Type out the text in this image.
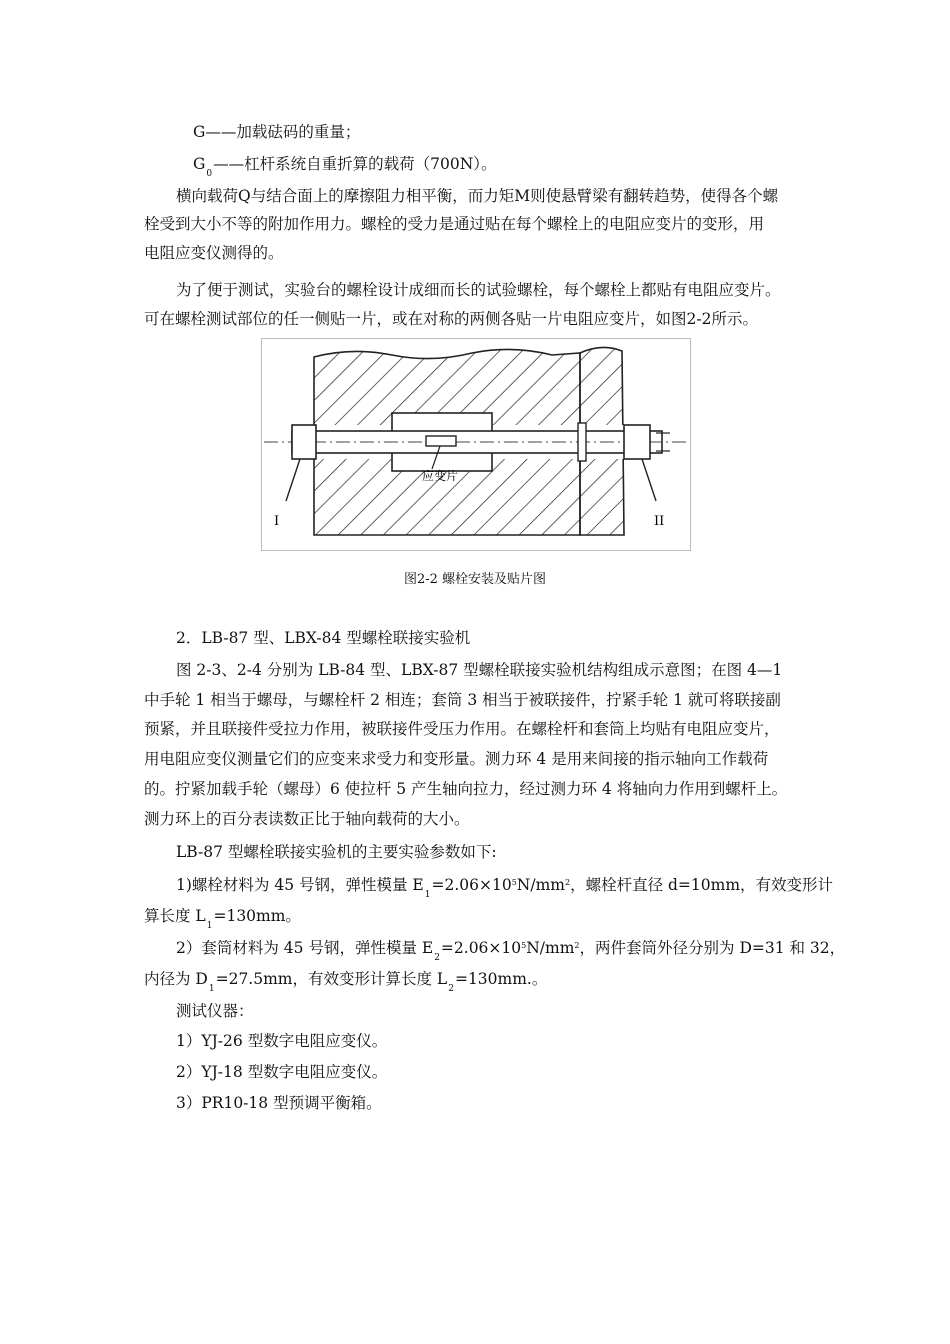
G——加载砝码的重量；
$G_0——$杠杆系统自重折算的载荷（700N）。
横向载荷Q与结合面上的摩擦阻力相平衡，而力矩M则使悬臂梁有翻转趋势，使得各个螺
栓受到大小不等的附加作用力。螺栓的受力是通过贴在每个螺栓上的电阻应变片的变形，用
电阻应变仪测得的。
为了便于测试，实验台的螺栓设计成细而长的试验螺栓，每个螺栓上都贴有电阻应变片。
可在螺栓测试部位的任一侧贴一片，或在对称的两侧各贴一片电阻应变片，如图2-2所示。
应变片
I	II
图2-2 螺栓安装及贴片图
2．LB-87 型、LBX-84 型螺栓联接实验机
图 2-3、2-4 分别为 LB-84 型、LBX-87 型螺栓联接实验机结构组成示意图；在图 4—1
中手轮 1 相当于螺母，与螺栓杆 2 相连；套筒 3 相当于被联接件，拧紧手轮 1 就可将联接副
预紧，并且联接件受拉力作用，被联接件受压力作用。在螺栓杆和套筒上均贴有电阻应变片，
用电阻应变仪测量它们的应变来求受力和变形量。测力环 4 是用来间接的指示轴向工作载荷
的。拧紧加载手轮（螺母）6 使拉杆 5 产生轴向拉力，经过测力环 4 将轴向力作用到螺杆上。
测力环上的百分表读数正比于轴向载荷的大小。
LB-87 型螺栓联接实验机的主要实验参数如下:
1)螺栓材料为 45 号钢，弹性模量 $E_1=2.06\times 10^5N/mm^2$，螺栓杆直径 d=10mm，有效变形计
算长度 $L_1=130mm$。
2）套筒材料为 45 号钢，弹性模量 $E_2=2.06\times 10^5N/mm^2$，两件套筒外径分别为 D=31 和 32，
内径为 $D_1=27.5mm$，有效变形计算长度 $L_2=130mm$.。
测试仪器：
1）YJ-26 型数字电阻应变仪。
2）YJ-18 型数字电阻应变仪。
3）PR10-18 型预调平衡箱。
